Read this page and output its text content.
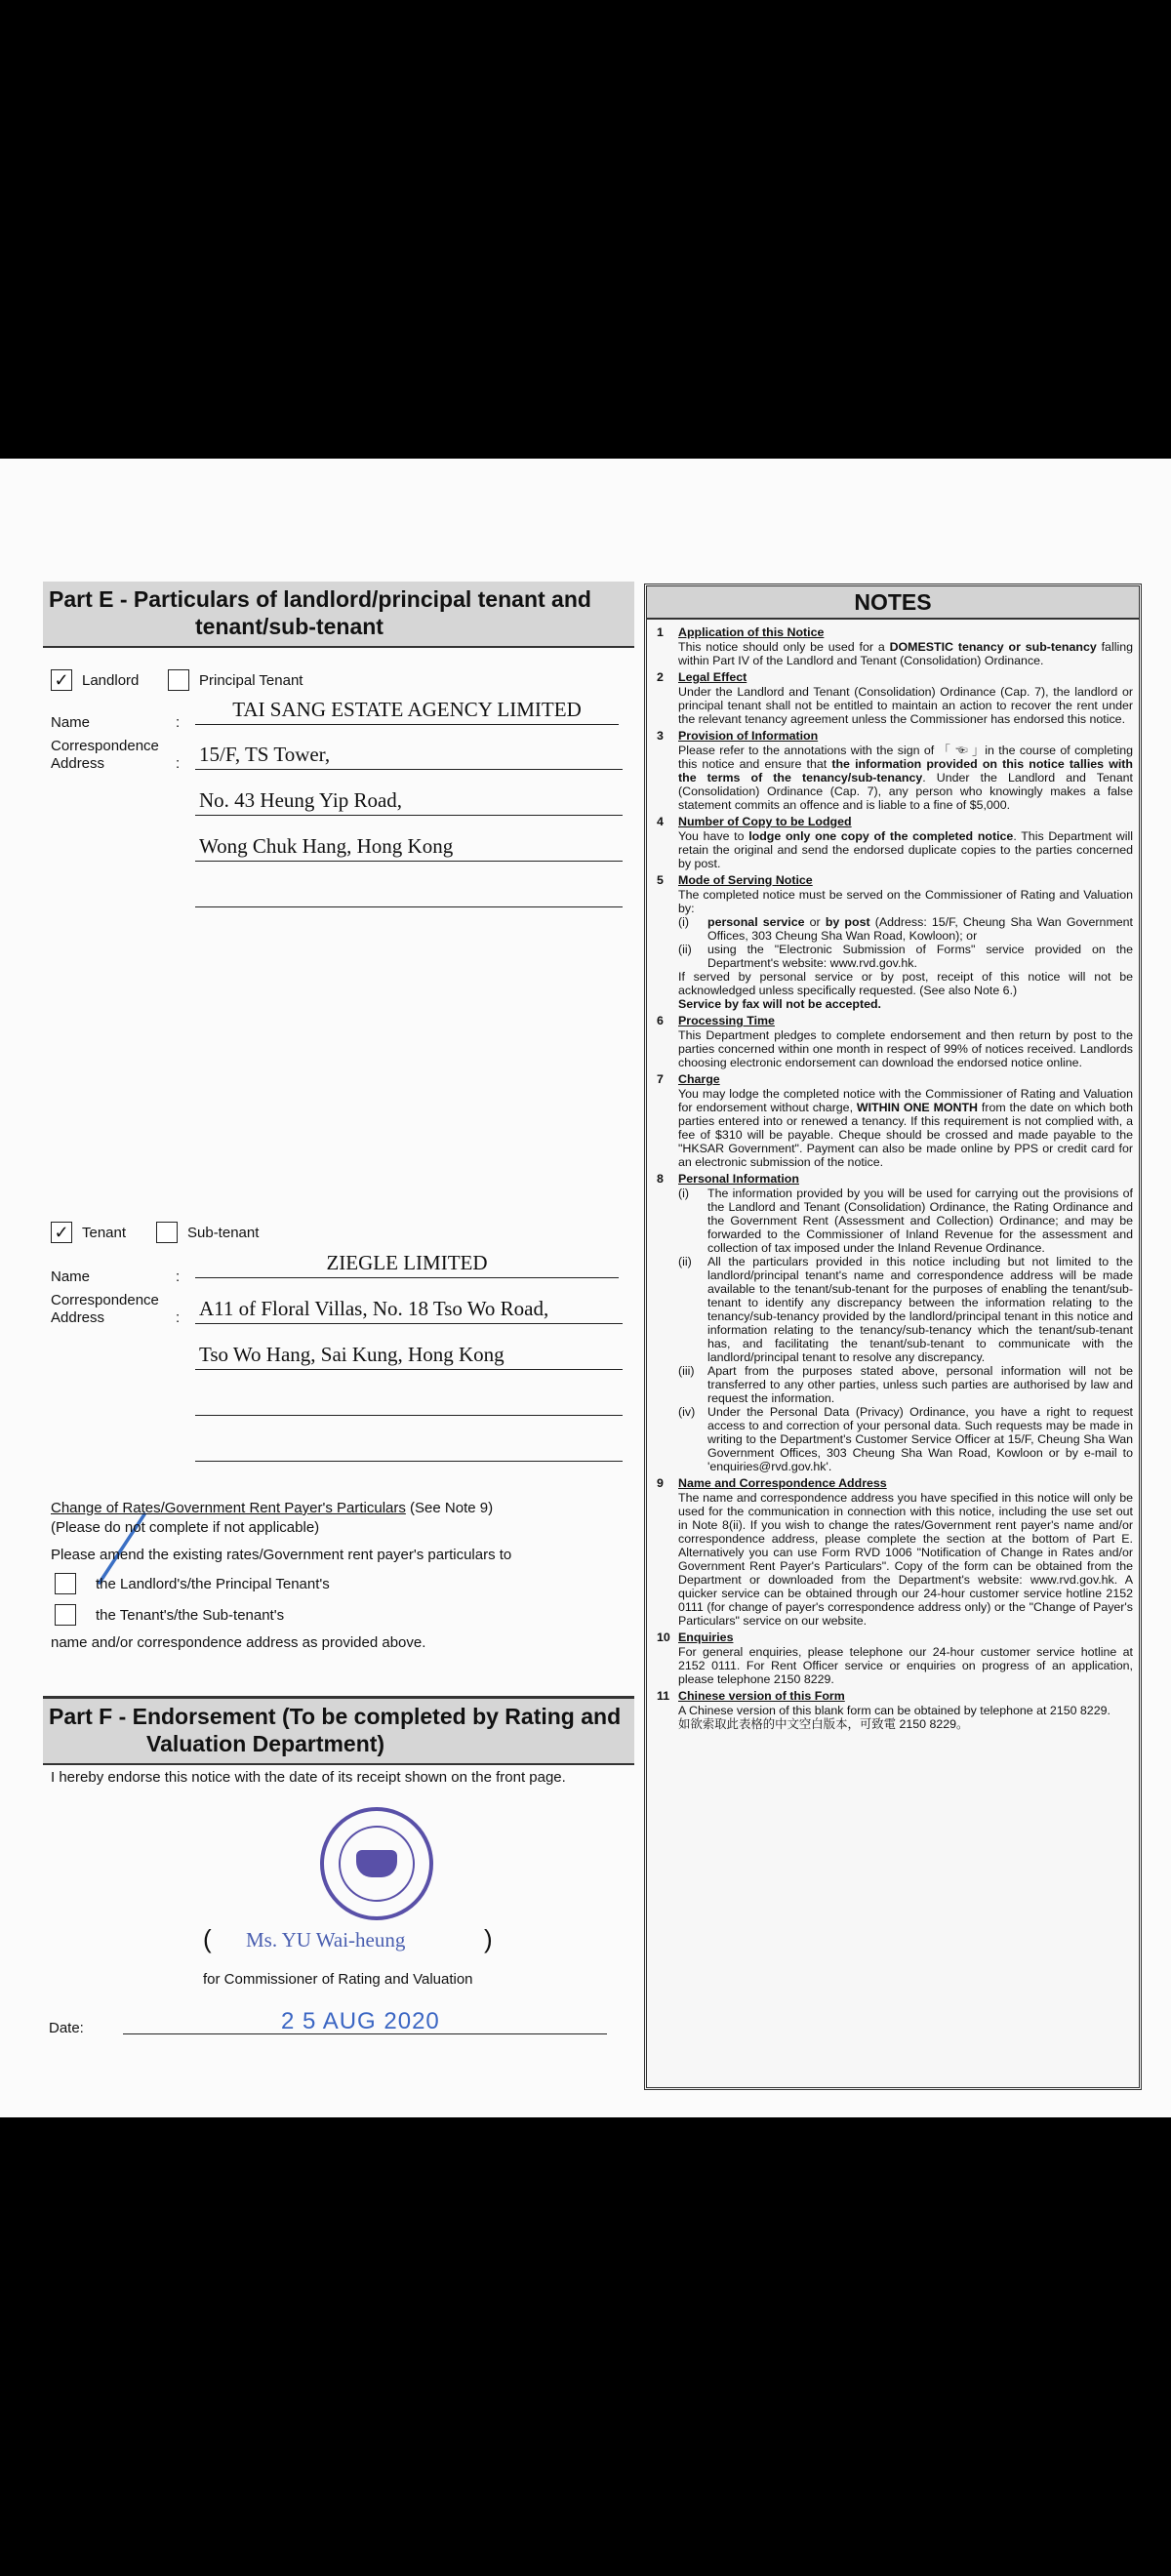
Part E - Particulars of landlord/principal tenant and
tenant/sub-tenant
✓ Landlord	Principal Tenant
Name	:
TAI SANG ESTATE AGENCY LIMITED
Correspondence
Address	: 15/F, TS Tower,
No. 43 Heung Yip Road,
Wong Chuk Hang, Hong Kong
✓ Tenant	Sub-tenant
Name	:
ZIEGLE LIMITED
Correspondence
Address	: A11 of Floral Villas, No. 18 Tso Wo Road,
Tso Wo Hang, Sai Kung, Hong Kong
Change of Rates/Government Rent Payer's Particulars (See Note 9)
(Please do not complete if not applicable)
Please amend the existing rates/Government rent payer's particulars to
the Landlord's/the Principal Tenant's
the Tenant's/the Sub-tenant's
name and/or correspondence address as provided above.
Part F - Endorsement (To be completed by Rating and
Valuation Department)
I hereby endorse this notice with the date of its receipt shown on the front page.
( Ms. YU Wai-heung	)
for Commissioner of Rating and Valuation
Date:	2 5 AUG 2020
NOTES
1	Application of this Notice
This notice should only be used for a DOMESTIC tenancy or sub-tenancy falling within Part IV of the Landlord and Tenant (Consolidation) Ordinance.
2	Legal Effect
Under the Landlord and Tenant (Consolidation) Ordinance (Cap. 7), the landlord or principal tenant shall not be entitled to maintain an action to recover the rent under the relevant tenancy agreement unless the Commissioner has endorsed this notice.
3	Provision of Information
Please refer to the annotations with the sign of 「 ☜ 」in the course of completing this notice and ensure that the information provided on this notice tallies with the terms of the tenancy/sub-tenancy. Under the Landlord and Tenant (Consolidation) Ordinance (Cap. 7), any person who knowingly makes a false statement commits an offence and is liable to a fine of $5,000.
4	Number of Copy to be Lodged
You have to lodge only one copy of the completed notice. This Department will retain the original and send the endorsed duplicate copies to the parties concerned by post.
5	Mode of Serving Notice
The completed notice must be served on the Commissioner of Rating and Valuation by:
(i)	personal service or by post (Address: 15/F, Cheung Sha Wan Government Offices, 303 Cheung Sha Wan Road, Kowloon); or
(ii)	using the "Electronic Submission of Forms" service provided on the Department's website: www.rvd.gov.hk.
If served by personal service or by post, receipt of this notice will not be acknowledged unless specifically requested. (See also Note 6.)
Service by fax will not be accepted.
6	Processing Time
This Department pledges to complete endorsement and then return by post to the parties concerned within one month in respect of 99% of notices received. Landlords choosing electronic endorsement can download the endorsed notice online.
7	Charge
You may lodge the completed notice with the Commissioner of Rating and Valuation for endorsement without charge, WITHIN ONE MONTH from the date on which both parties entered into or renewed a tenancy. If this requirement is not complied with, a fee of $310 will be payable. Cheque should be crossed and made payable to the "HKSAR Government". Payment can also be made online by PPS or credit card for an electronic submission of the notice.
8	Personal Information
(i)	The information provided by you will be used for carrying out the provisions of the Landlord and Tenant (Consolidation) Ordinance, the Rating Ordinance and the Government Rent (Assessment and Collection) Ordinance; and may be forwarded to the Commissioner of Inland Revenue for the assessment and collection of tax imposed under the Inland Revenue Ordinance.
(ii)	All the particulars provided in this notice including but not limited to the landlord/principal tenant's name and correspondence address will be made available to the tenant/sub-tenant for the purposes of enabling the tenant/sub-tenant to identify any discrepancy between the information relating to the tenancy/sub-tenancy provided by the landlord/principal tenant in this notice and information relating to the tenancy/sub-tenancy which the tenant/sub-tenant has, and facilitating the tenant/sub-tenant to communicate with the landlord/principal tenant to resolve any discrepancy.
(iii)	Apart from the purposes stated above, personal information will not be transferred to any other parties, unless such parties are authorised by law and request the information.
(iv)	Under the Personal Data (Privacy) Ordinance, you have a right to request access to and correction of your personal data. Such requests may be made in writing to the Department's Customer Service Officer at 15/F, Cheung Sha Wan Government Offices, 303 Cheung Sha Wan Road, Kowloon or by e-mail to 'enquiries@rvd.gov.hk'.
9	Name and Correspondence Address
The name and correspondence address you have specified in this notice will only be used for the communication in connection with this notice, including the use set out in Note 8(ii). If you wish to change the rates/Government rent payer's name and/or correspondence address, please complete the section at the bottom of Part E. Alternatively you can use Form RVD 1006 "Notification of Change in Rates and/or Government Rent Payer's Particulars". Copy of the form can be obtained from the Department or downloaded from the Department's website: www.rvd.gov.hk. A quicker service can be obtained through our 24-hour customer service hotline 2152 0111 (for change of payer's correspondence address only) or the "Change of Payer's Particulars" service on our website.
10 Enquiries
For general enquiries, please telephone our 24-hour customer service hotline at 2152 0111. For Rent Officer service or enquiries on progress of an application, please telephone 2150 8229.
11 Chinese version of this Form
A Chinese version of this blank form can be obtained by telephone at 2150 8229.
如欲索取此表格的中文空白版本，可致電 2150 8229。
